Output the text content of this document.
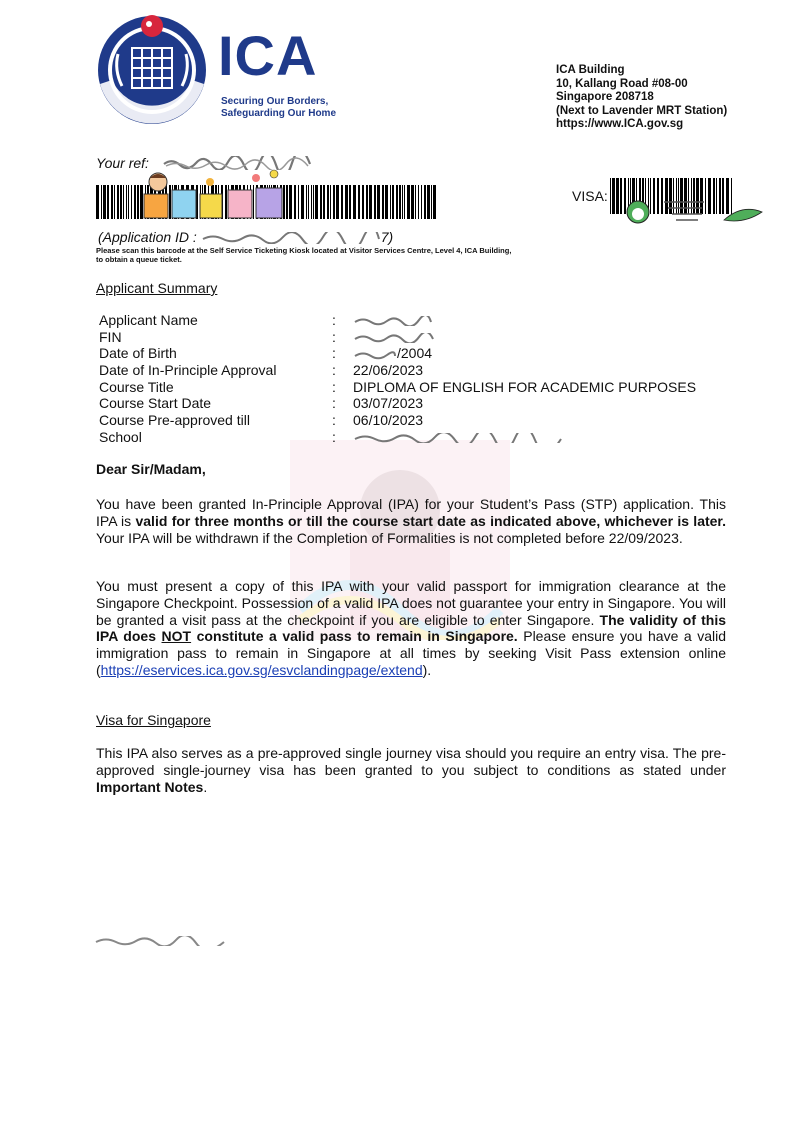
ICA
Securing Our Borders,
Safeguarding Our Home
ICA Building
10, Kallang Road #08-00
Singapore 208718
(Next to Lavender MRT Station)
https://www.ICA.gov.sg
Your ref:
(Application ID :	7)
Please scan this barcode at the Self Service Ticketing Kiosk located at Visitor Services Centre, Level 4, ICA Building,
to obtain a queue ticket.
VISA:
Applicant Summary
Applicant Name	:
FIN	:
Date of Birth	:	/2004
Date of In-Principle Approval	: 22/06/2023
Course Title	: DIPLOMA OF ENGLISH FOR ACADEMIC PURPOSES
Course Start Date	: 03/07/2023
Course Pre-approved till	: 06/10/2023
School	:
Dear Sir/Madam,
You have been granted In-Principle Approval (IPA) for your Student’s Pass (STP) application. This IPA is valid for three months or till the course start date as indicated above, whichever is later. Your IPA will be withdrawn if the Completion of Formalities is not completed before 22/09/2023.
You must present a copy of this IPA with your valid passport for immigration clearance at the Singapore Checkpoint. Possession of a valid IPA does not guarantee your entry in Singapore. You will be granted a visit pass at the checkpoint if you are eligible to enter Singapore. The validity of this IPA does NOT constitute a valid pass to remain in Singapore. Please ensure you have a valid immigration pass to remain in Singapore at all times by seeking Visit Pass extension online (https://eservices.ica.gov.sg/esvclandingpage/extend).
Visa for Singapore
This IPA also serves as a pre-approved single journey visa should you require an entry visa. The pre-approved single-journey visa has been granted to you subject to conditions as stated under Important Notes.
